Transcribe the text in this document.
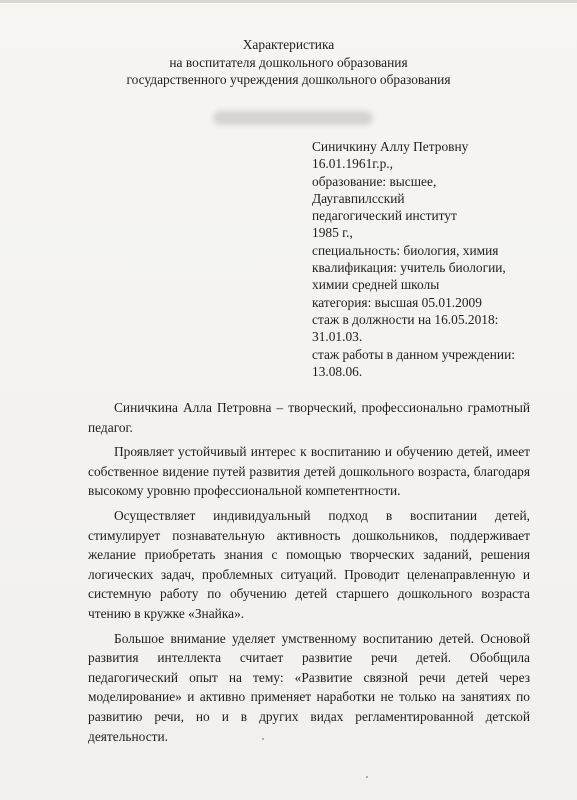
Характеристика
на воспитателя дошкольного образования
государственного учреждения дошкольного образования
Синичкину Аллу Петровну
16.01.1961г.р.,
образование: высшее,
Даугавпилсский
педагогический институт
1985 г.,
специальность: биология, химия
квалификация: учитель биологии,
химии средней школы
категория: высшая 05.01.2009
стаж в должности на 16.05.2018:
31.01.03.
стаж работы в данном учреждении:
13.08.06.

Синичкина Алла Петровна – творческий, профессионально грамотный педагог.

Проявляет устойчивый интерес к воспитанию и обучению детей, имеет собственное видение путей развития детей дошкольного возраста, благодаря высокому уровню профессиональной компетентности.

Осуществляет индивидуальный подход в воспитании детей, стимулирует познавательную активность дошкольников, поддерживает желание приобретать знания с помощью творческих заданий, решения логических задач, проблемных ситуаций. Проводит целенаправленную и системную работу по обучению детей старшего дошкольного возраста чтению в кружке «Знайка».

Большое внимание уделяет умственному воспитанию детей. Основой развития интеллекта считает развитие речи детей. Обобщила педагогический опыт на тему: «Развитие связной речи детей через моделирование» и активно применяет наработки не только на занятиях по развитию речи, но и в других видах регламентированной детской деятельности.
